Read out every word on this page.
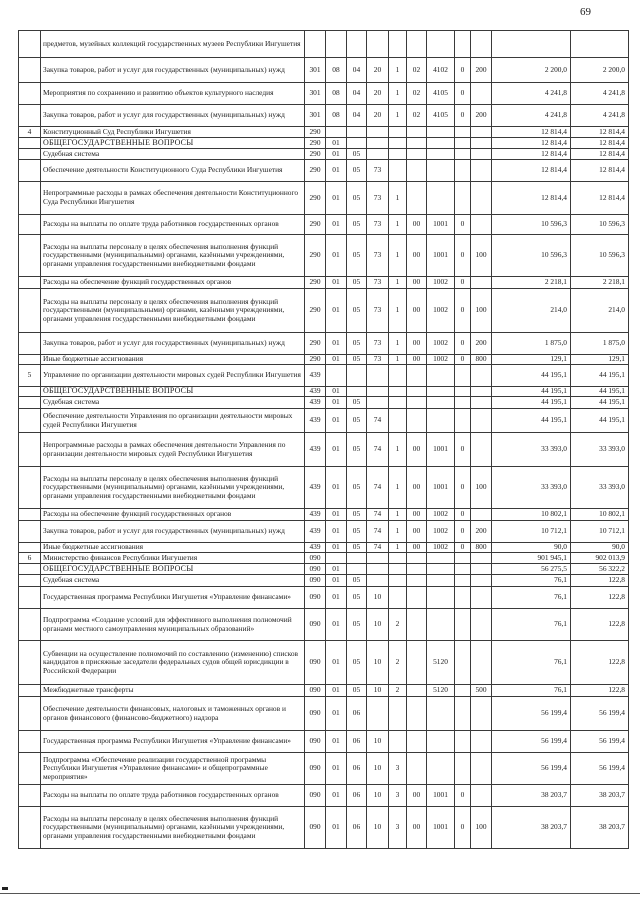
69
	предметов, музейных коллекций государственных музеев Республики Ингушетия											
	Закупка товаров, работ и услуг для государственных (муниципальных) нужд	301	08	04	20	1	02	4102	0	200	2 200,0	2 200,0
	Мероприятия по сохранению и развитию объектов культурного наследия	301	08	04	20	1	02	4105	0		4 241,8	4 241,8
	Закупка товаров, работ и услуг для государственных (муниципальных) нужд	301	08	04	20	1	02	4105	0	200	4 241,8	4 241,8
4	Конституционный Суд Республики Ингушетия	290									12 814,4	12 814,4
	ОБЩЕГОСУДАРСТВЕННЫЕ ВОПРОСЫ	290	01								12 814,4	12 814,4
	Судебная система	290	01	05							12 814,4	12 814,4
	Обеспечение деятельности Конституционного Суда Республики Ингушетия	290	01	05	73						12 814,4	12 814,4
	Непрограммные расходы в рамках обеспечения деятельности Конституционного Суда Республики Ингушетия	290	01	05	73	1					12 814,4	12 814,4
	Расходы на выплаты по оплате труда работников государственных органов	290	01	05	73	1	00	1001	0		10 596,3	10 596,3
	Расходы на выплаты персоналу в целях обеспечения выполнения функций государственными (муниципальными) органами, казёнными учреждениями, органами управления государственными внебюджетными фондами	290	01	05	73	1	00	1001	0	100	10 596,3	10 596,3
	Расходы на обеспечение функций государственных органов	290	01	05	73	1	00	1002	0		2 218,1	2 218,1
	Расходы на выплаты персоналу в целях обеспечения выполнения функций государственными (муниципальными) органами, казёнными учреждениями, органами управления государственными внебюджетными фондами	290	01	05	73	1	00	1002	0	100	214,0	214,0
	Закупка товаров, работ и услуг для государственных (муниципальных) нужд	290	01	05	73	1	00	1002	0	200	1 875,0	1 875,0
	Иные бюджетные ассигнования	290	01	05	73	1	00	1002	0	800	129,1	129,1
5	Управление по организации деятельности мировых судей Республики Ингушетия	439									44 195,1	44 195,1
	ОБЩЕГОСУДАРСТВЕННЫЕ ВОПРОСЫ	439	01								44 195,1	44 195,1
	Судебная система	439	01	05							44 195,1	44 195,1
	Обеспечение деятельности Управления по организации деятельности мировых судей Республики Ингушетия	439	01	05	74						44 195,1	44 195,1
	Непрограммные расходы в рамках обеспечения деятельности Управления по организации деятельности мировых судей Республики Ингушетия	439	01	05	74	1	00	1001	0		33 393,0	33 393,0
	Расходы на выплаты персоналу в целях обеспечения выполнения функций государственными (муниципальными) органами, казёнными учреждениями, органами управления государственными внебюджетными фондами	439	01	05	74	1	00	1001	0	100	33 393,0	33 393,0
	Расходы на обеспечение функций государственных органов	439	01	05	74	1	00	1002	0		10 802,1	10 802,1
	Закупка товаров, работ и услуг для государственных (муниципальных) нужд	439	01	05	74	1	00	1002	0	200	10 712,1	10 712,1
	Иные бюджетные ассигнования	439	01	05	74	1	00	1002	0	800	90,0	90,0
6	Министерство финансов Республики Ингушетия	090									901 945,1	902 013,9
	ОБЩЕГОСУДАРСТВЕННЫЕ ВОПРОСЫ	090	01								56 275,5	56 322,2
	Судебная система	090	01	05							76,1	122,8
	Государственная программа Республики Ингушетия «Управление финансами»	090	01	05	10						76,1	122,8
	Подпрограмма «Создание условий для эффективного выполнения полномочий органами местного самоуправления муниципальных образований»	090	01	05	10	2					76,1	122,8
	Субвенции на осуществление полномочий по составлению (изменению) списков кандидатов в присяжные заседатели федеральных судов общей юрисдикции в Российской Федерации	090	01	05	10	2		5120			76,1	122,8
	Межбюджетные трансферты	090	01	05	10	2		5120		500	76,1	122,8
	Обеспечение деятельности финансовых, налоговых и таможенных органов и органов финансового (финансово-бюджетного) надзора	090	01	06							56 199,4	56 199,4
	Государственная программа Республики Ингушетия «Управление финансами»	090	01	06	10						56 199,4	56 199,4
	Подпрограмма «Обеспечение реализации государственной программы Республики Ингушетия «Управление финансами» и общепрограммные мероприятия»	090	01	06	10	3					56 199,4	56 199,4
	Расходы на выплаты по оплате труда работников государственных органов	090	01	06	10	3	00	1001	0		38 203,7	38 203,7
	Расходы на выплаты персоналу в целях обеспечения выполнения функций государственными (муниципальными) органами, казёнными учреждениями, органами управления государственными внебюджетными фондами	090	01	06	10	3	00	1001	0	100	38 203,7	38 203,7
